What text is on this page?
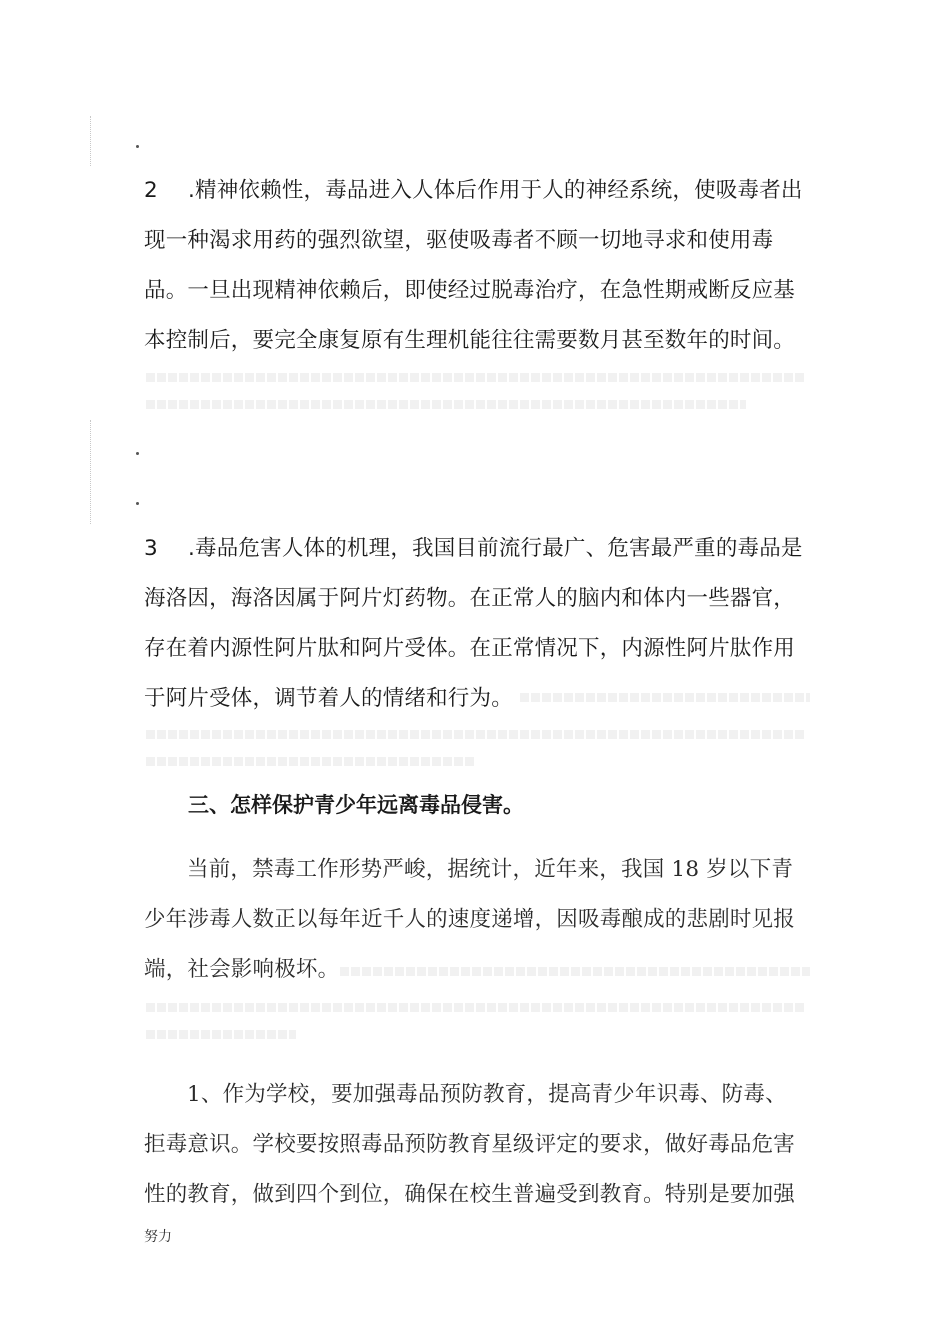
2 .精神依赖性，毒品进入人体后作用于人的神经系统，使吸毒者出现一种渴求用药的强烈欲望，驱使吸毒者不顾一切地寻求和使用毒品。一旦出现精神依赖后，即使经过脱毒治疗，在急性期戒断反应基本控制后，要完全康复原有生理机能往往需要数月甚至数年的时间。

3 .毒品危害人体的机理，我国目前流行最广、危害最严重的毒品是海洛因，海洛因属于阿片灯药物。在正常人的脑内和体内一些器官，存在着内源性阿片肽和阿片受体。在正常情况下，内源性阿片肽作用于阿片受体，调节着人的情绪和行为。

三、怎样保护青少年远离毒品侵害。

当前，禁毒工作形势严峻，据统计，近年来，我国 18 岁以下青少年涉毒人数正以每年近千人的速度递增，因吸毒酿成的悲剧时见报端，社会影响极坏。

1、作为学校，要加强毒品预防教育，提高青少年识毒、防毒、拒毒意识。学校要按照毒品预防教育星级评定的要求，做好毒品危害性的教育，做到四个到位，确保在校生普遍受到教育。特别是要加强

努力
